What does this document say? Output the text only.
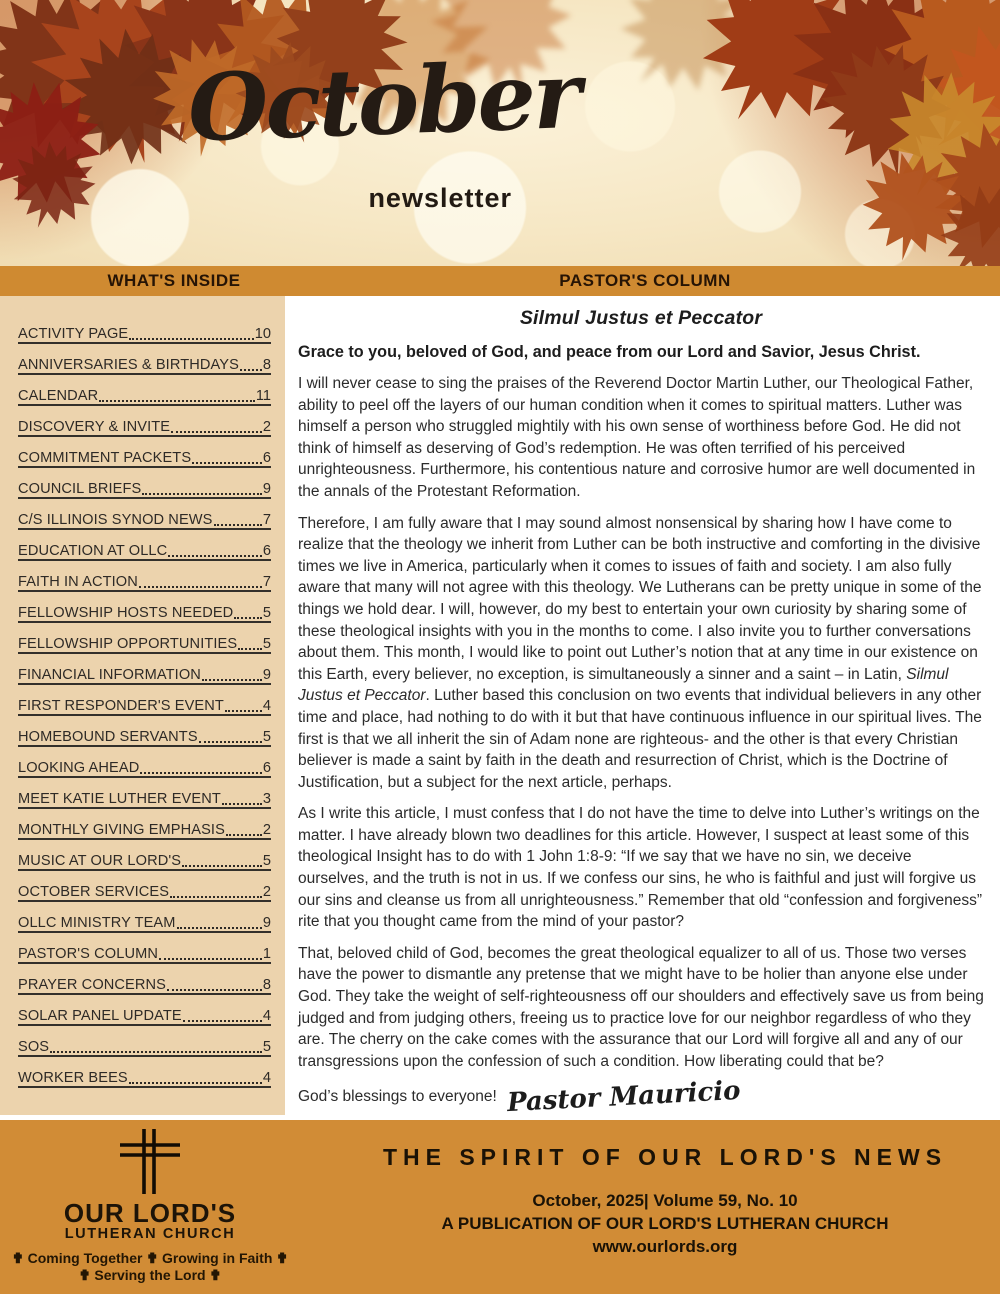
October
newsletter
WHAT'S INSIDE	PASTOR'S COLUMN
ACTIVITY PAGE	10
ANNIVERSARIES & BIRTHDAYS 8
CALENDAR	11
DISCOVERY & INVITE	2
COMMITMENT PACKETS	6
COUNCIL BRIEFS	9
C/S ILLINOIS SYNOD NEWS	7
EDUCATION AT OLLC	6
FAITH IN ACTION	7
FELLOWSHIP HOSTS NEEDED 5
FELLOWSHIP OPPORTUNITIES 5
FINANCIAL INFORMATION	9
FIRST RESPONDER'S EVENT	4
HOMEBOUND SERVANTS	5
LOOKING AHEAD	6
MEET KATIE LUTHER EVENT	3
MONTHLY GIVING EMPHASIS	2
MUSIC AT OUR LORD'S	5
OCTOBER SERVICES	2
OLLC MINISTRY TEAM	9
PASTOR'S COLUMN	1
PRAYER CONCERNS	8
SOLAR PANEL UPDATE	4
SOS	5
WORKER BEES	4
Silmul Justus et Peccator
Grace to you, beloved of God, and peace from our Lord and Savior, Jesus Christ.

I will never cease to sing the praises of the Reverend Doctor Martin Luther, our Theological Father, ability to peel off the layers of our human condition when it comes to spiritual matters. Luther was himself a person who struggled mightily with his own sense of worthiness before God. He did not think of himself as deserving of God’s redemption. He was often terrified of his perceived unrighteousness. Furthermore, his contentious nature and corrosive humor are well documented in the annals of the Protestant Reformation.

Therefore, I am fully aware that I may sound almost nonsensical by sharing how I have come to realize that the theology we inherit from Luther can be both instructive and comforting in the divisive times we live in America, particularly when it comes to issues of faith and society. I am also fully aware that many will not agree with this theology. We Lutherans can be pretty unique in some of the things we hold dear. I will, however, do my best to entertain your own curiosity by sharing some of these theological insights with you in the months to come. I also invite you to further conversations about them. This month, I would like to point out Luther’s notion that at any time in our existence on this Earth, every believer, no exception, is simultaneously a sinner and a saint – in Latin, Silmul Justus et Peccator. Luther based this conclusion on two events that individual believers in any other time and place, had nothing to do with it but that have continuous influence in our spiritual lives. The first is that we all inherit the sin of Adam none are righteous- and the other is that every Christian believer is made a saint by faith in the death and resurrection of Christ, which is the Doctrine of Justification, but a subject for the next article, perhaps.

As I write this article, I must confess that I do not have the time to delve into Luther’s writings on the matter. I have already blown two deadlines for this article. However, I suspect at least some of this theological Insight has to do with 1 John 1:8-9: “If we say that we have no sin, we deceive ourselves, and the truth is not in us. If we confess our sins, he who is faithful and just will forgive us our sins and cleanse us from all unrighteousness.” Remember that old “confession and forgiveness” rite that you thought came from the mind of your pastor?

That, beloved child of God, becomes the great theological equalizer to all of us. Those two verses have the power to dismantle any pretense that we might have to be holier than anyone else under God. They take the weight of self-righteousness off our shoulders and effectively save us from being judged and from judging others, freeing us to practice love for our neighbor regardless of who they are. The cherry on the cake comes with the assurance that our Lord will forgive all and any of our transgressions upon the confession of such a condition. How liberating could that be?

God’s blessings to everyone! Pastor Mauricio
OUR LORD'S
LUTHERAN CHURCH
✟ Coming Together ✟ Growing in Faith ✟
✟ Serving the Lord ✟
THE SPIRIT OF OUR LORD'S NEWS
October, 2025| Volume 59, No. 10
A PUBLICATION OF OUR LORD'S LUTHERAN CHURCH
www.ourlords.org
